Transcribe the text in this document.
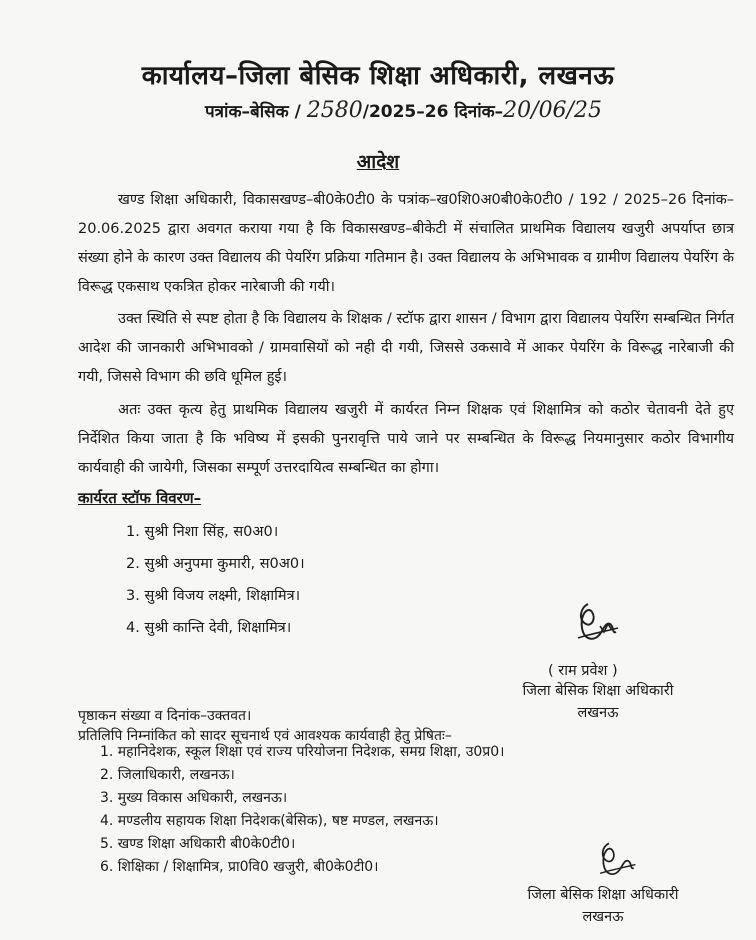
कार्यालय–जिला बेसिक शिक्षा अधिकारी, लखनऊ
पत्रांक–बेसिक / 2580/2025–26 दिनांक–20/06/25
आदेश

खण्ड शिक्षा अधिकारी, विकासखण्ड–बी0के0टी0 के पत्रांक–ख0शि0अ0बी0के0टी0 / 192 / 2025–26 दिनांक–20.06.2025 द्वारा अवगत कराया गया है कि विकासखण्ड–बीकेटी में संचालित प्राथमिक विद्यालय खजुरी अपर्याप्त छात्र संख्या होने के कारण उक्त विद्यालय की पेयरिंग प्रक्रिया गतिमान है। उक्त विद्यालय के अभिभावक व ग्रामीण विद्यालय पेयरिंग के विरूद्ध एकसाथ एकत्रित होकर नारेबाजी की गयी।

उक्त स्थिति से स्पष्ट होता है कि विद्यालय के शिक्षक / स्टॉफ द्वारा शासन / विभाग द्वारा विद्यालय पेयरिंग सम्बन्धित निर्गत आदेश की जानकारी अभिभावको / ग्रामवासियों को नही दी गयी, जिससे उकसावे में आकर पेयरिंग के विरूद्ध नारेबाजी की गयी, जिससे विभाग की छवि धूमिल हुई।

अतः उक्त कृत्य हेतु प्राथमिक विद्यालय खजुरी में कार्यरत निम्न शिक्षक एवं शिक्षामित्र को कठोर चेतावनी देते हुए निर्देशित किया जाता है कि भविष्य में इसकी पुनरावृत्ति पाये जाने पर सम्बन्धित के विरूद्ध नियमानुसार कठोर विभागीय कार्यवाही की जायेगी, जिसका सम्पूर्ण उत्तरदायित्व सम्बन्धित का होगा।

कार्यरत स्टॉफ विवरण–
1. सुश्री निशा सिंह, स0अ0।
2. सुश्री अनुपमा कुमारी, स0अ0।
3. सुश्री विजय लक्ष्मी, शिक्षामित्र।
4. सुश्री कान्ति देवी, शिक्षामित्र।
( राम प्रवेश )
जिला बेसिक शिक्षा अधिकारी
लखनऊ
पृष्ठाकन संख्या व दिनांक–उक्तवत।
प्रतिलिपि निम्नांकित को सादर सूचनार्थ एवं आवश्यक कार्यवाही हेतु प्रेषितः–
1. महानिदेशक, स्कूल शिक्षा एवं राज्य परियोजना निदेशक, समग्र शिक्षा, उ0प्र0।
2. जिलाधिकारी, लखनऊ।
3. मुख्य विकास अधिकारी, लखनऊ।
4. मण्डलीय सहायक शिक्षा निदेशक(बेसिक), षष्ट मण्डल, लखनऊ।
5. खण्ड शिक्षा अधिकारी बी0के0टी0।
6. शिक्षिका / शिक्षामित्र, प्रा0वि0 खजुरी, बी0के0टी0।
जिला बेसिक शिक्षा अधिकारी
लखनऊ
